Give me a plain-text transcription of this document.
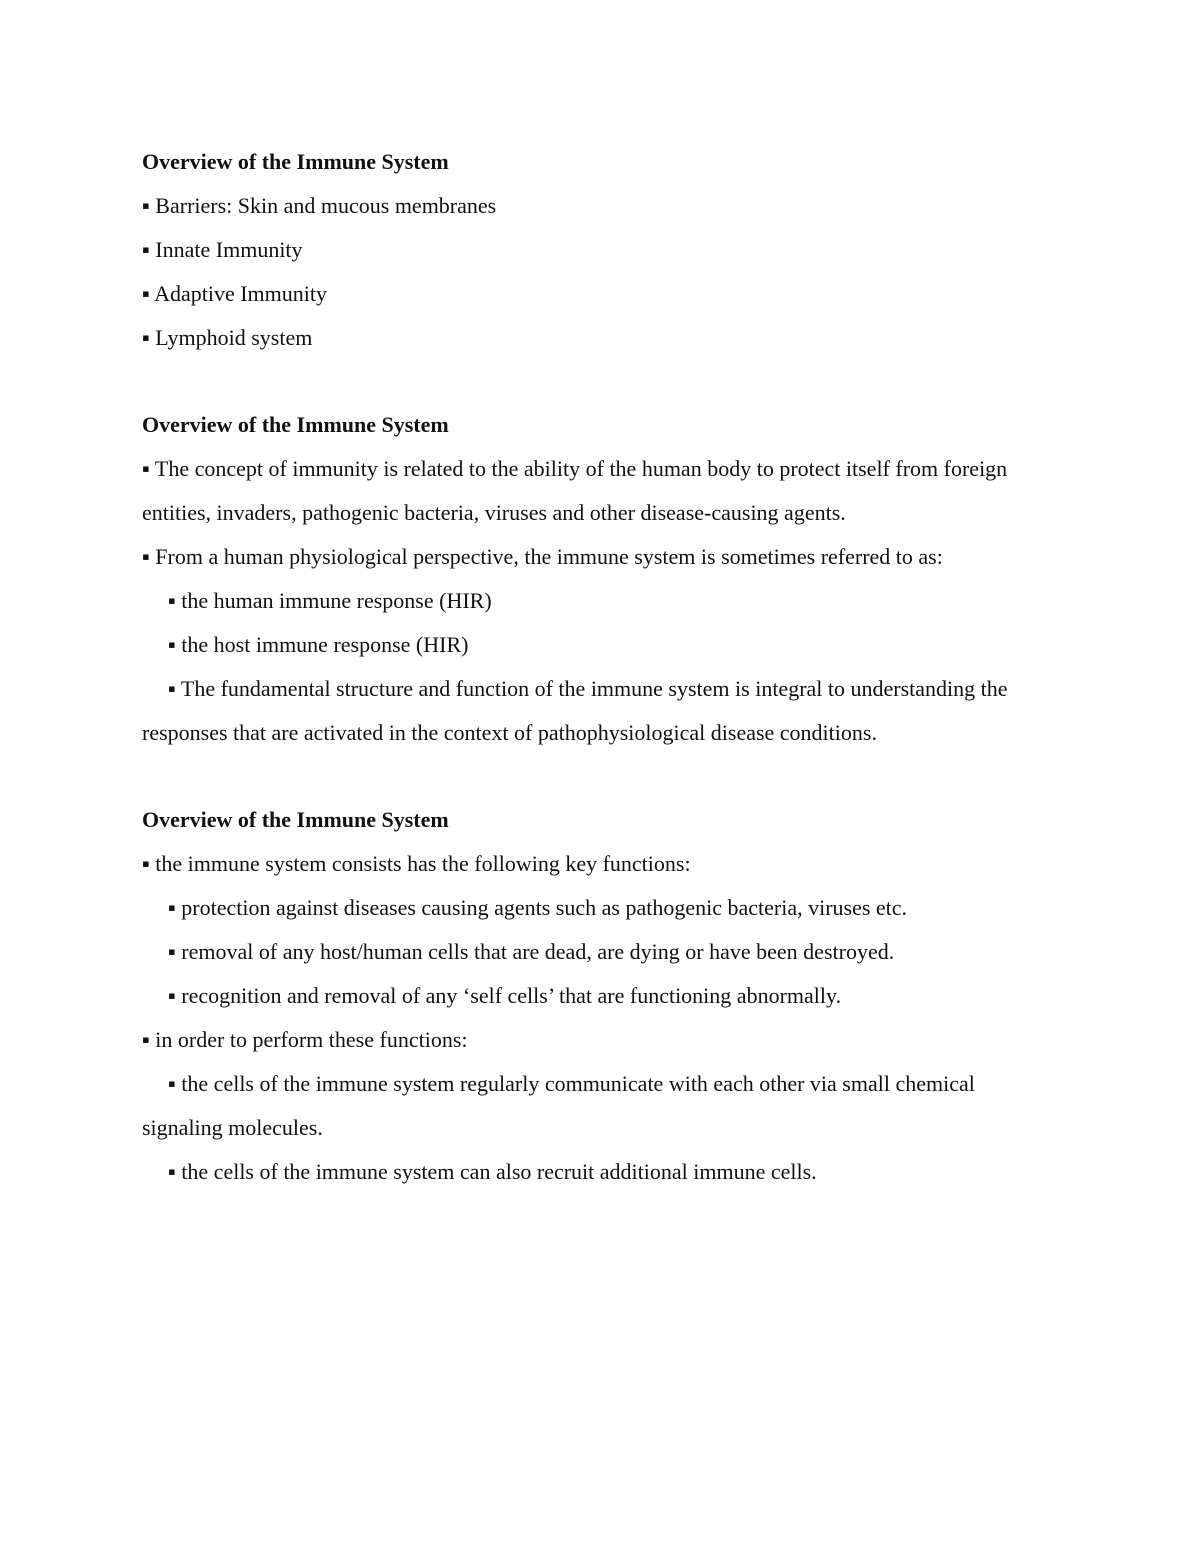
Overview of the Immune System

▪ Barriers: Skin and mucous membranes

▪ Innate Immunity

▪ Adaptive Immunity

▪ Lymphoid system

Overview of the Immune System

▪ The concept of immunity is related to the ability of the human body to protect itself from foreign entities, invaders, pathogenic bacteria, viruses and other disease-causing agents.

▪ From a human physiological perspective, the immune system is sometimes referred to as:

▪ the human immune response (HIR)

▪ the host immune response (HIR)

▪ The fundamental structure and function of the immune system is integral to understanding the responses that are activated in the context of pathophysiological disease conditions.

Overview of the Immune System

▪ the immune system consists has the following key functions:

▪ protection against diseases causing agents such as pathogenic bacteria, viruses etc.

▪ removal of any host/human cells that are dead, are dying or have been destroyed.

▪ recognition and removal of any ‘self cells’ that are functioning abnormally.

▪ in order to perform these functions:

▪ the cells of the immune system regularly communicate with each other via small chemical signaling molecules.

▪ the cells of the immune system can also recruit additional immune cells.
